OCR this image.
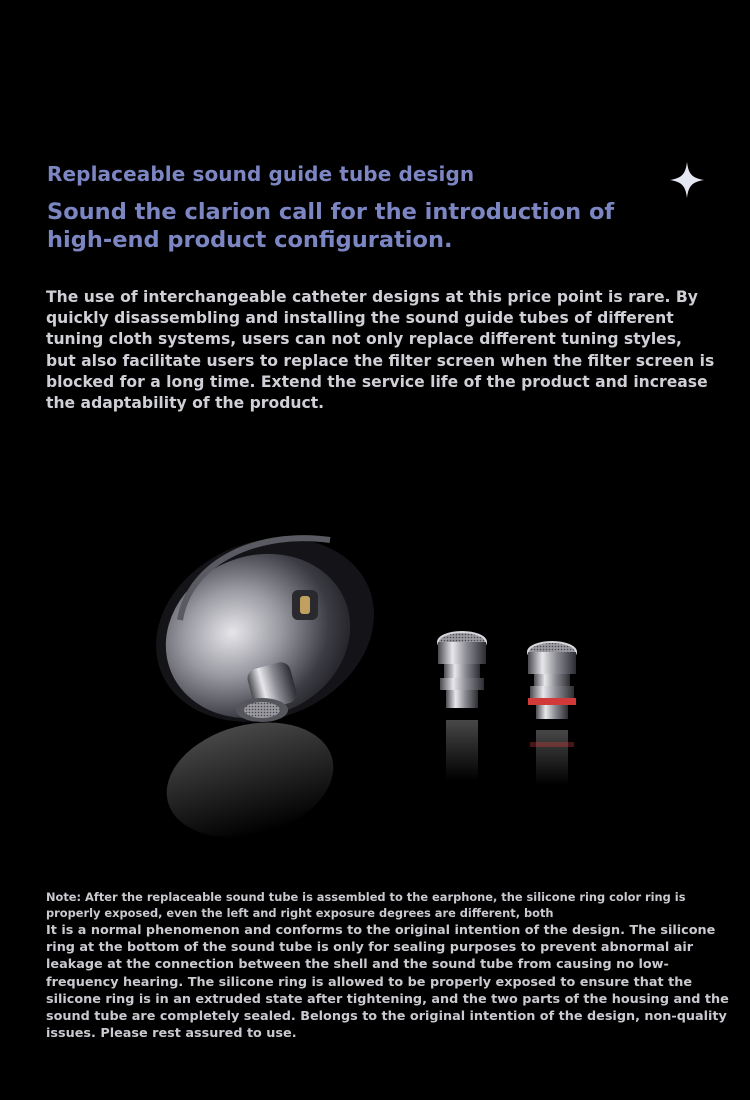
Replaceable sound guide tube design
Sound the clarion call for the introduction of
high-end product configuration.
The use of interchangeable catheter designs at this price point is rare. By quickly disassembling and installing the sound guide tubes of different tuning cloth systems, users can not only replace different tuning styles, but also facilitate users to replace the filter screen when the filter screen is blocked for a long time. Extend the service life of the product and increase the adaptability of the product.
Note: After the replaceable sound tube is assembled to the earphone, the silicone ring color ring is properly exposed, even the left and right exposure degrees are different, both
It is a normal phenomenon and conforms to the original intention of the design. The silicone ring at the bottom of the sound tube is only for sealing purposes to prevent abnormal air leakage at the connection between the shell and the sound tube from causing no low-frequency hearing. The silicone ring is allowed to be properly exposed to ensure that the silicone ring is in an extruded state after tightening, and the two parts of the housing and the sound tube are completely sealed. Belongs to the original intention of the design, non-quality issues. Please rest assured to use.
